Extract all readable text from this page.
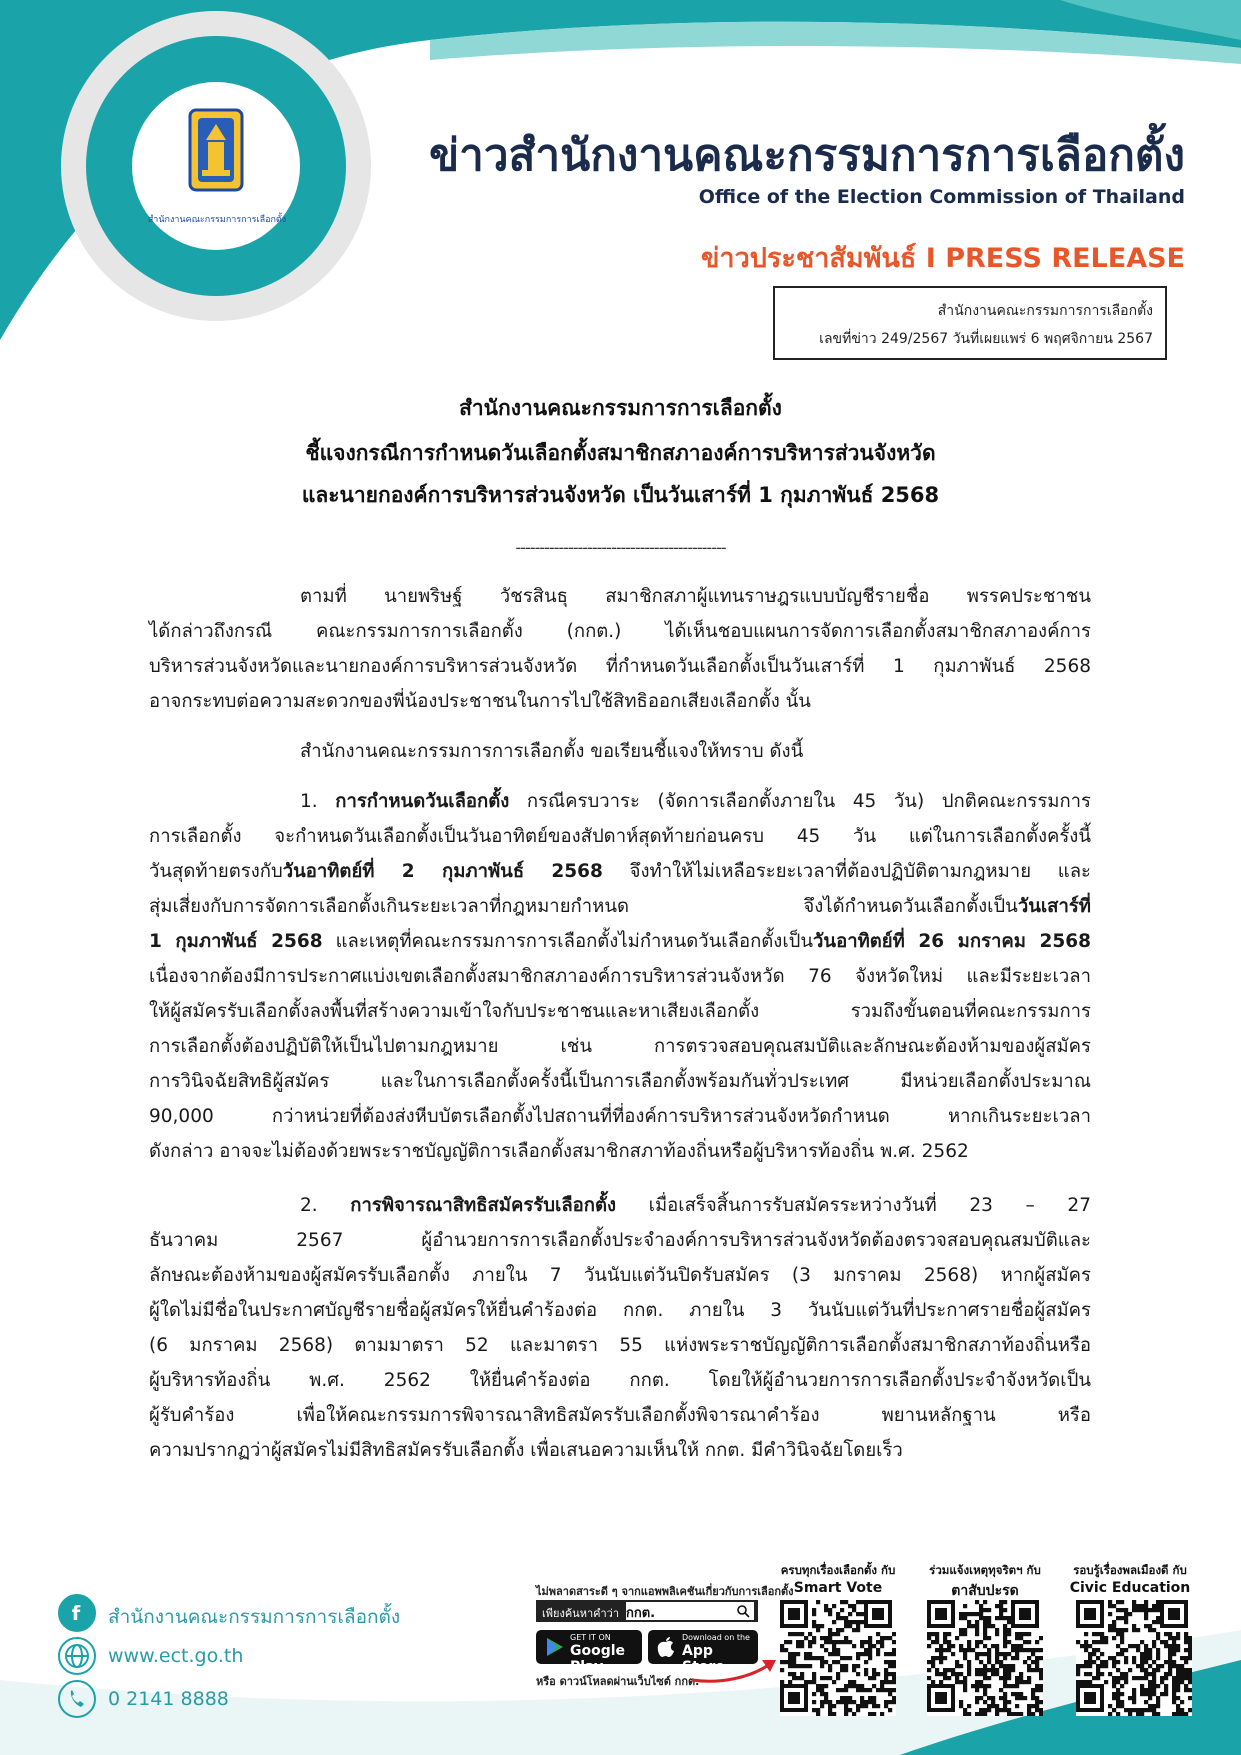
สำนักงานคณะกรรมการการเลือกตั้ง
ข่าวสำนักงานคณะกรรมการการเลือกตั้ง
Office of the Election Commission of Thailand
ข่าวประชาสัมพันธ์ I PRESS RELEASE
สำนักงานคณะกรรมการการเลือกตั้ง
เลขที่ข่าว 249/2567 วันที่เผยแพร่ 6 พฤศจิกายน 2567
สำนักงานคณะกรรมการการเลือกตั้ง
ชี้แจงกรณีการกำหนดวันเลือกตั้งสมาชิกสภาองค์การบริหารส่วนจังหวัด
และนายกองค์การบริหารส่วนจังหวัด เป็นวันเสาร์ที่ 1 กุมภาพันธ์ 2568
--------------------------------------------
ตามที่ นายพริษฐ์ วัชรสินธุ สมาชิกสภาผู้แทนราษฎรแบบบัญชีรายชื่อ พรรคประชาชน
ได้กล่าวถึงกรณี คณะกรรมการการเลือกตั้ง (กกต.) ได้เห็นชอบแผนการจัดการเลือกตั้งสมาชิกสภาองค์การ
บริหารส่วนจังหวัดและนายกองค์การบริหารส่วนจังหวัด ที่กำหนดวันเลือกตั้งเป็นวันเสาร์ที่ 1 กุมภาพันธ์ 2568
อาจกระทบต่อความสะดวกของพี่น้องประชาชนในการไปใช้สิทธิออกเสียงเลือกตั้ง นั้น
สำนักงานคณะกรรมการการเลือกตั้ง ขอเรียนชี้แจงให้ทราบ ดังนี้
1. การกำหนดวันเลือกตั้ง กรณีครบวาระ (จัดการเลือกตั้งภายใน 45 วัน) ปกติคณะกรรมการ
การเลือกตั้ง จะกำหนดวันเลือกตั้งเป็นวันอาทิตย์ของสัปดาห์สุดท้ายก่อนครบ 45 วัน แต่ในการเลือกตั้งครั้งนี้
วันสุดท้ายตรงกับวันอาทิตย์ที่ 2 กุมภาพันธ์ 2568 จึงทำให้ไม่เหลือระยะเวลาที่ต้องปฏิบัติตามกฎหมาย และ
สุ่มเสี่ยงกับการจัดการเลือกตั้งเกินระยะเวลาที่กฎหมายกำหนด จึงได้กำหนดวันเลือกตั้งเป็นวันเสาร์ที่
1 กุมภาพันธ์ 2568 และเหตุที่คณะกรรมการการเลือกตั้งไม่กำหนดวันเลือกตั้งเป็นวันอาทิตย์ที่ 26 มกราคม 2568
เนื่องจากต้องมีการประกาศแบ่งเขตเลือกตั้งสมาชิกสภาองค์การบริหารส่วนจังหวัด 76 จังหวัดใหม่ และมีระยะเวลา
ให้ผู้สมัครรับเลือกตั้งลงพื้นที่สร้างความเข้าใจกับประชาชนและหาเสียงเลือกตั้ง รวมถึงขั้นตอนที่คณะกรรมการ
การเลือกตั้งต้องปฏิบัติให้เป็นไปตามกฎหมาย เช่น การตรวจสอบคุณสมบัติและลักษณะต้องห้ามของผู้สมัคร
การวินิจฉัยสิทธิผู้สมัคร และในการเลือกตั้งครั้งนี้เป็นการเลือกตั้งพร้อมกันทั่วประเทศ มีหน่วยเลือกตั้งประมาณ
90,000 กว่าหน่วยที่ต้องส่งหีบบัตรเลือกตั้งไปสถานที่ที่องค์การบริหารส่วนจังหวัดกำหนด หากเกินระยะเวลา
ดังกล่าว อาจจะไม่ต้องด้วยพระราชบัญญัติการเลือกตั้งสมาชิกสภาท้องถิ่นหรือผู้บริหารท้องถิ่น พ.ศ. 2562
2. การพิจารณาสิทธิสมัครรับเลือกตั้ง เมื่อเสร็จสิ้นการรับสมัครระหว่างวันที่ 23 – 27
ธันวาคม 2567 ผู้อำนวยการการเลือกตั้งประจำองค์การบริหารส่วนจังหวัดต้องตรวจสอบคุณสมบัติและ
ลักษณะต้องห้ามของผู้สมัครรับเลือกตั้ง ภายใน 7 วันนับแต่วันปิดรับสมัคร (3 มกราคม 2568) หากผู้สมัคร
ผู้ใดไม่มีชื่อในประกาศบัญชีรายชื่อผู้สมัครให้ยื่นคำร้องต่อ กกต. ภายใน 3 วันนับแต่วันที่ประกาศรายชื่อผู้สมัคร
(6 มกราคม 2568) ตามมาตรา 52 และมาตรา 55 แห่งพระราชบัญญัติการเลือกตั้งสมาชิกสภาท้องถิ่นหรือ
ผู้บริหารท้องถิ่น พ.ศ. 2562 ให้ยื่นคำร้องต่อ กกต. โดยให้ผู้อำนวยการการเลือกตั้งประจำจังหวัดเป็น
ผู้รับคำร้อง เพื่อให้คณะกรรมการพิจารณาสิทธิสมัครรับเลือกตั้งพิจารณาคำร้อง พยานหลักฐาน หรือ
ความปรากฏว่าผู้สมัครไม่มีสิทธิสมัครรับเลือกตั้ง เพื่อเสนอความเห็นให้ กกต. มีคำวินิจฉัยโดยเร็ว
f สำนักงานคณะกรรมการการเลือกตั้ง
www.ect.go.th
0 2141 8888
ไม่พลาดสาระดี ๆ จากแอพพลิเคชันเกี่ยวกับการเลือกตั้ง
เพียงค้นหาคำว่า กกต.
GET IT ON
Google Play
Download on the
App Store
หรือ ดาวน์โหลดผ่านเว็บไซต์ กกต.
ครบทุกเรื่องเลือกตั้ง กับ
Smart Vote
ร่วมแจ้งเหตุทุจริตฯ กับ
ตาสับปะรด
รอบรู้เรื่องพลเมืองดี กับ
Civic Education
